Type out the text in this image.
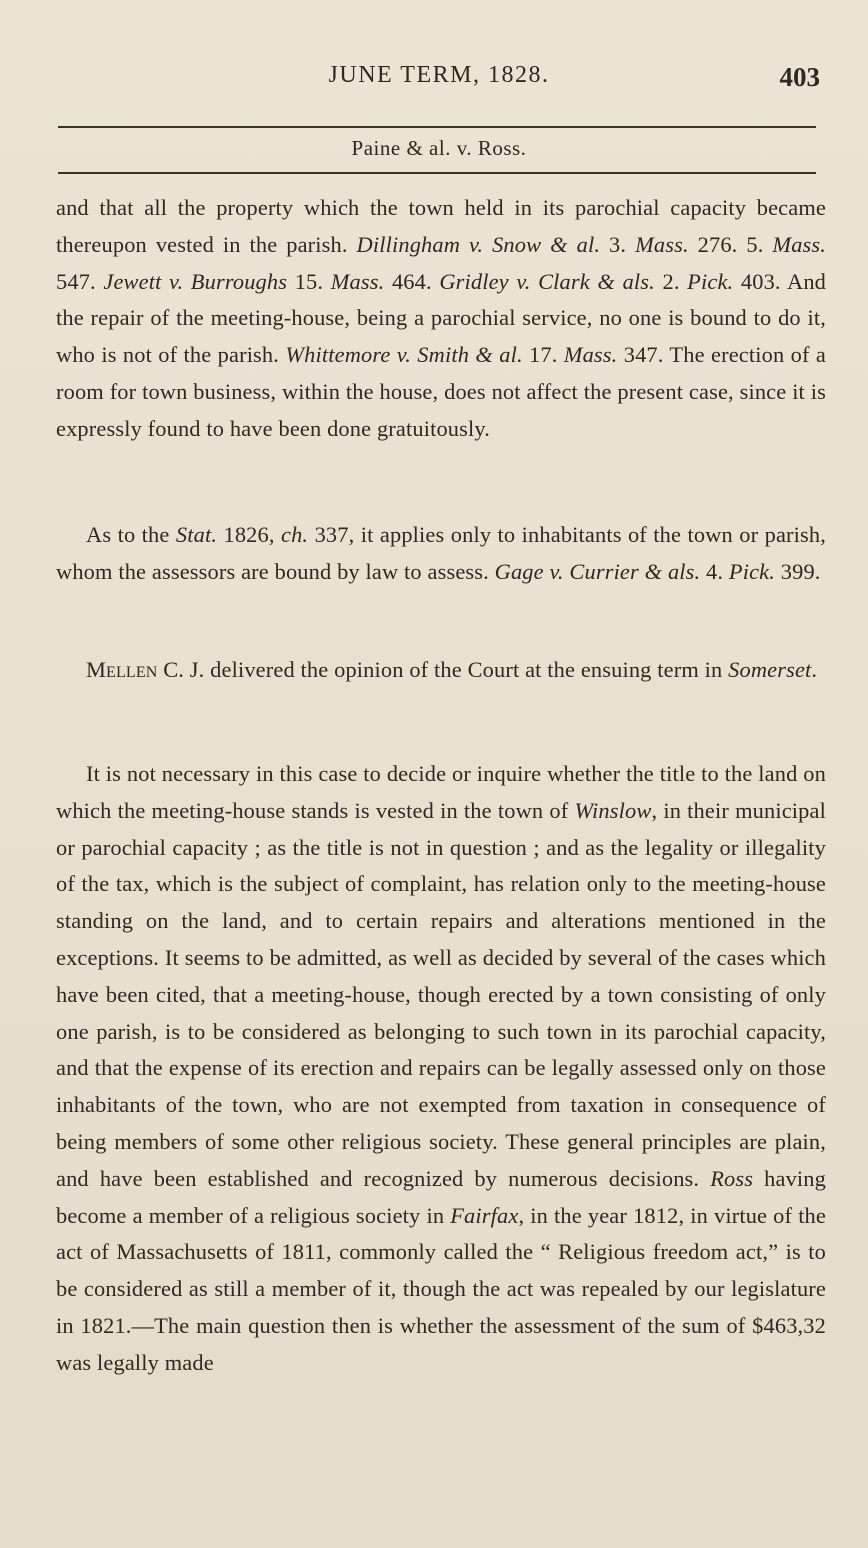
JUNE TERM, 1828.	403
Paine & al. v. Ross.

and that all the property which the town held in its parochial capacity became thereupon vested in the parish. Dillingham v. Snow & al. 3. Mass. 276. 5. Mass. 547. Jewett v. Burroughs 15. Mass. 464. Gridley v. Clark & als. 2. Pick. 403. And the repair of the meeting-house, being a parochial service, no one is bound to do it, who is not of the parish. Whittemore v. Smith & al. 17. Mass. 347. The erection of a room for town business, within the house, does not affect the present case, since it is expressly found to have been done gratuitously.

As to the Stat. 1826, ch. 337, it applies only to inhabitants of the town or parish, whom the assessors are bound by law to assess. Gage v. Currier & als. 4. Pick. 399.

Mellen C. J. delivered the opinion of the Court at the ensuing term in Somerset.

It is not necessary in this case to decide or inquire whether the title to the land on which the meeting-house stands is vested in the town of Winslow, in their municipal or parochial capacity ; as the title is not in question ; and as the legality or illegality of the tax, which is the subject of complaint, has relation only to the meeting-house standing on the land, and to certain repairs and alterations mentioned in the exceptions. It seems to be admitted, as well as decided by several of the cases which have been cited, that a meeting-house, though erected by a town consisting of only one parish, is to be considered as belonging to such town in its parochial capacity, and that the expense of its erection and repairs can be legally assessed only on those inhabitants of the town, who are not exempted from taxation in consequence of being members of some other religious society. These general principles are plain, and have been established and recognized by numerous decisions. Ross having become a member of a religious society in Fairfax, in the year 1812, in virtue of the act of Massachusetts of 1811, commonly called the “ Religious freedom act,” is to be considered as still a member of it, though the act was repealed by our legislature in 1821.—The main question then is whether the assessment of the sum of $463,32 was legally made
